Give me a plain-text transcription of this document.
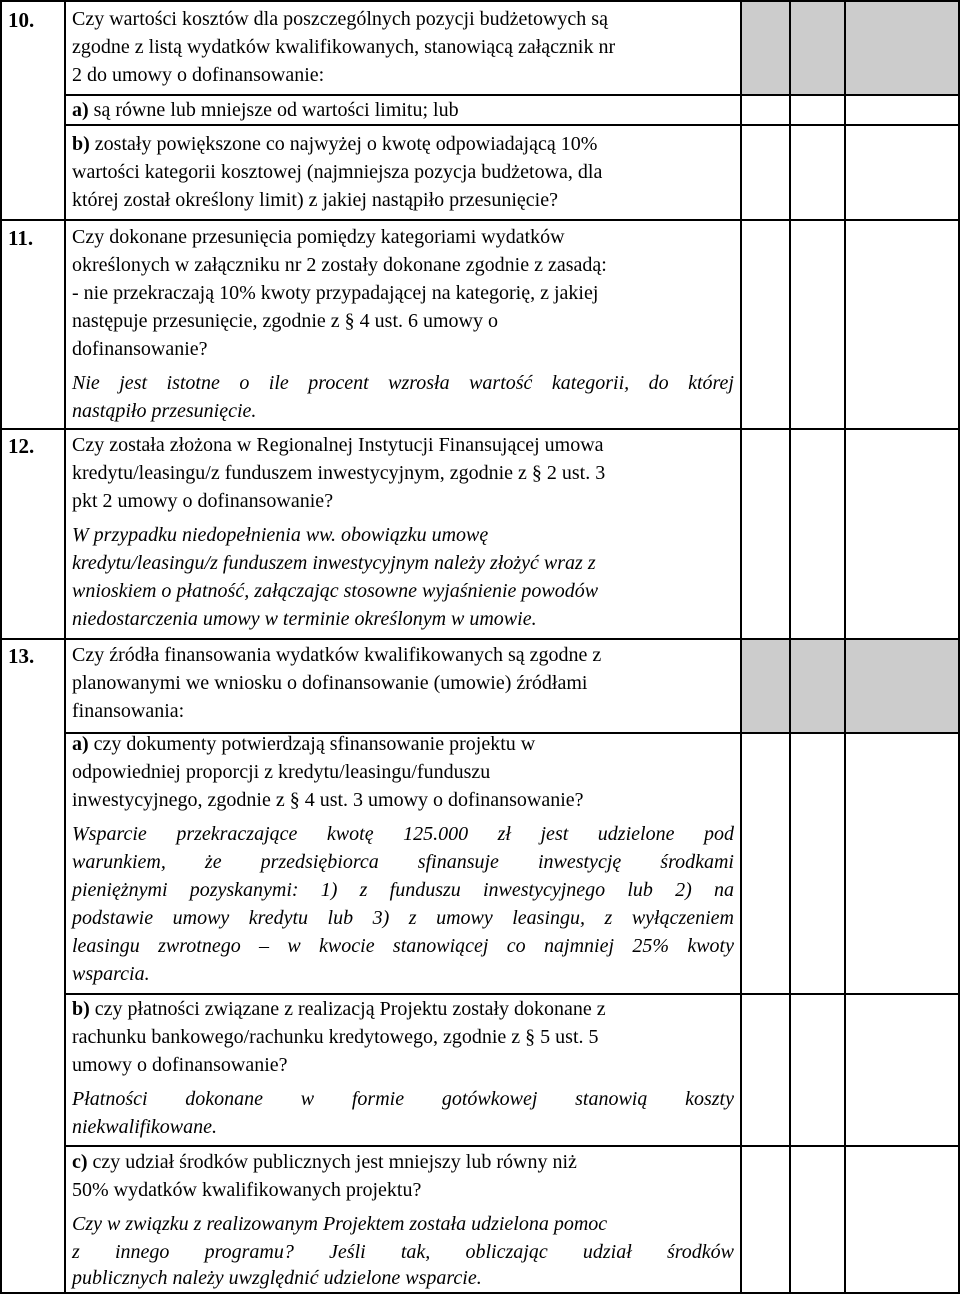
10. Czy wartości kosztów dla poszczególnych pozycji budżetowych są
zgodne z listą wydatków kwalifikowanych, stanowiącą załącznik nr
2 do umowy o dofinansowanie:
a) są równe lub mniejsze od wartości limitu; lub
b) zostały powiększone co najwyżej o kwotę odpowiadającą 10%
wartości kategorii kosztowej (najmniejsza pozycja budżetowa, dla
której został określony limit) z jakiej nastąpiło przesunięcie?
11. Czy dokonane przesunięcia pomiędzy kategoriami wydatków
określonych w załączniku nr 2 zostały dokonane zgodnie z zasadą:
- nie przekraczają 10% kwoty przypadającej na kategorię, z jakiej
następuje przesunięcie, zgodnie z § 4 ust. 6 umowy o
dofinansowanie?
Nie jest istotne o ile procent wzrosła wartość kategorii, do której
nastąpiło przesunięcie.
12. Czy została złożona w Regionalnej Instytucji Finansującej umowa
kredytu/leasingu/z funduszem inwestycyjnym, zgodnie z § 2 ust. 3
pkt 2 umowy o dofinansowanie?
W przypadku niedopełnienia ww. obowiązku umowę
kredytu/leasingu/z funduszem inwestycyjnym należy złożyć wraz z
wnioskiem o płatność, załączając stosowne wyjaśnienie powodów
niedostarczenia umowy w terminie określonym w umowie.
13. Czy źródła finansowania wydatków kwalifikowanych są zgodne z
planowanymi we wniosku o dofinansowanie (umowie) źródłami
finansowania:
a) czy dokumenty potwierdzają sfinansowanie projektu w
odpowiedniej proporcji z kredytu/leasingu/funduszu
inwestycyjnego, zgodnie z § 4 ust. 3 umowy o dofinansowanie?
Wsparcie przekraczające kwotę 125.000 zł jest udzielone pod
warunkiem, że przedsiębiorca sfinansuje inwestycję środkami
pieniężnymi pozyskanymi: 1) z funduszu inwestycyjnego lub 2) na
podstawie umowy kredytu lub 3) z umowy leasingu, z wyłączeniem
leasingu zwrotnego – w kwocie stanowiącej co najmniej 25% kwoty
wsparcia.
b) czy płatności związane z realizacją Projektu zostały dokonane z
rachunku bankowego/rachunku kredytowego, zgodnie z § 5 ust. 5
umowy o dofinansowanie?
Płatności dokonane w formie gotówkowej stanowią koszty
niekwalifikowane.
c) czy udział środków publicznych jest mniejszy lub równy niż
50% wydatków kwalifikowanych projektu?
Czy w związku z realizowanym Projektem została udzielona pomoc
z innego programu? Jeśli tak, obliczając udział środków
publicznych należy uwzględnić udzielone wsparcie.
